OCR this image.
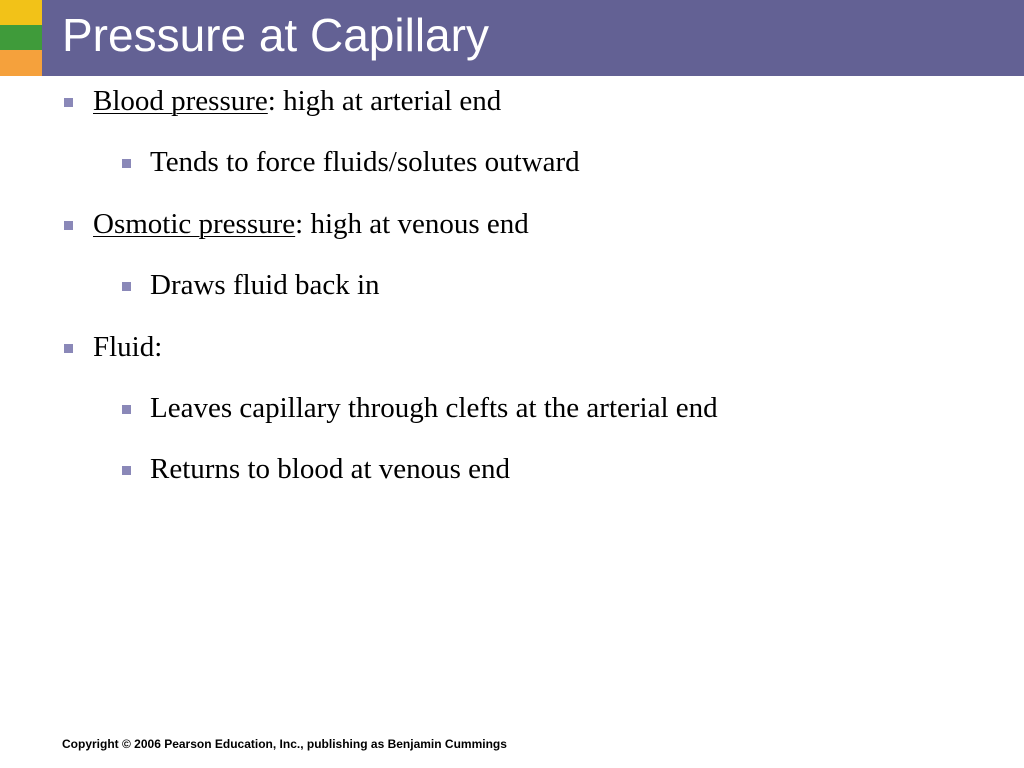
Pressure at Capillary
Blood pressure: high at arterial end
Tends to force fluids/solutes outward
Osmotic pressure: high at venous end
Draws fluid back in
Fluid:
Leaves capillary through clefts at the arterial end
Returns to blood at venous end
Copyright © 2006 Pearson Education, Inc., publishing as Benjamin Cummings
